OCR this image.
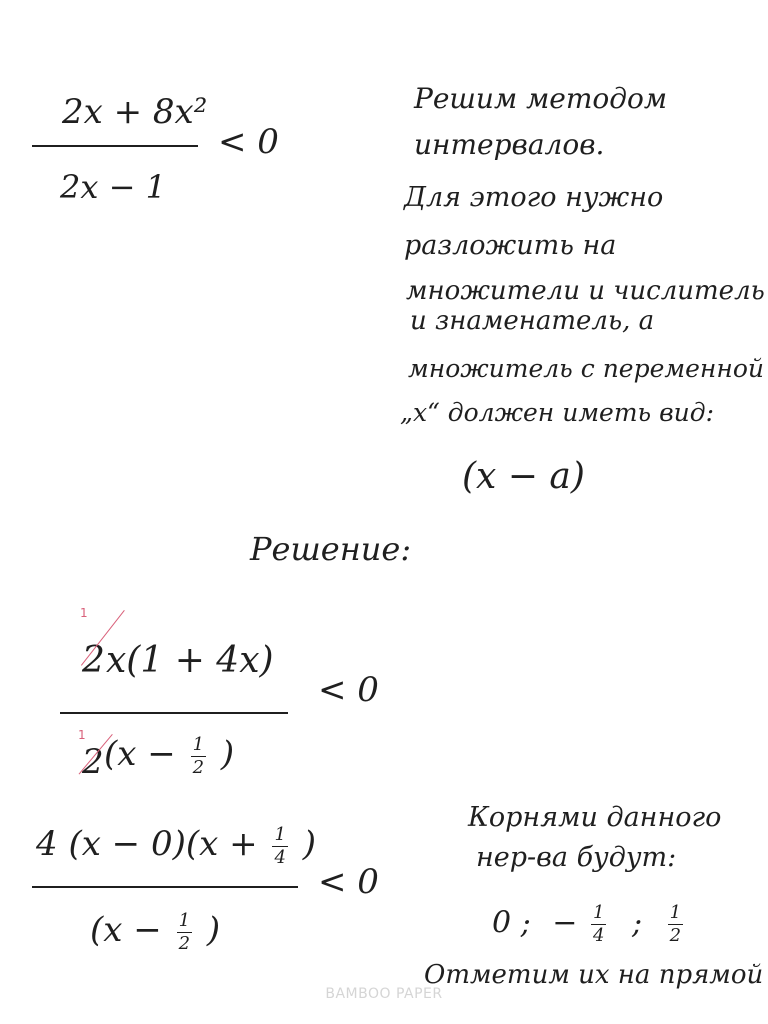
2x + 8x²
2x − 1
< 0
Решим методом
интервалов.
Для этого нужно
разложить на
множители и числитель
и знаменатель, а
множитель с переменной
„x“ должен иметь вид:
(x − a)
Решение:
1
2 x(1 + 4x)
1
2 ($x - \frac{1}{2}$ )
< 0
4 $(x - 0)(x + \frac{1}{4}$ )
($x - \frac{1}{2}$ )
< 0
Корнями данного
нер-ва будут:
0 ; − $\frac{1}{4}$ ; $\frac{1}{2}$
Отметим их на прямой
BAMBOO PAPER
